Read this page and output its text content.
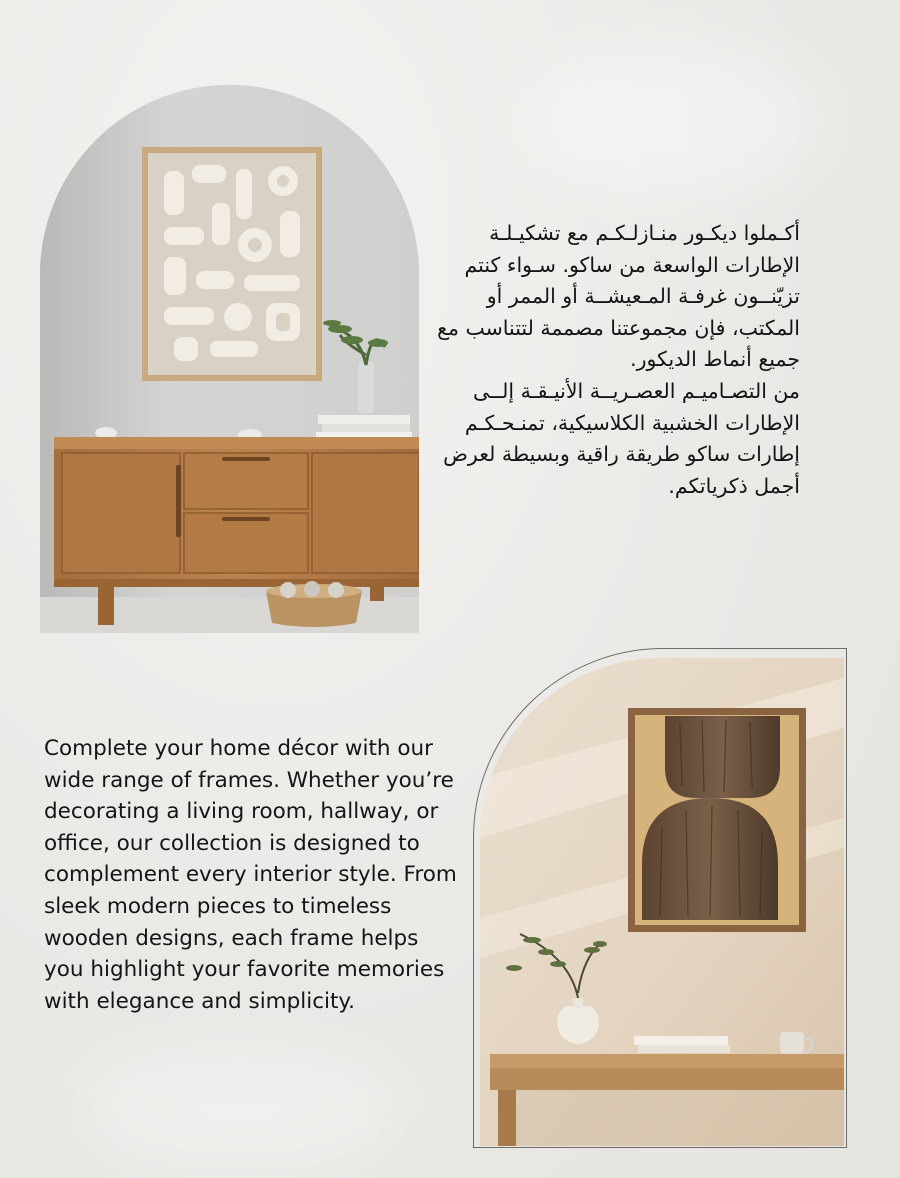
أكـملوا ديكـور منـازلـكـم مع تشكيـلـة الإطارات الواسعة من ساكو. سـواء كنتم تزيّنــون غرفـة المـعيشــة أو الممر أو المكتب، فإن مجموعتنا مصممة لتتناسب مع جميع أنماط الديكور.

من التصـاميـم العصـريــة الأنيـقـة إلــى الإطارات الخشبية الكلاسيكية، تمنـحـكـم إطارات ساكو طريقة راقية وبسيطة لعرض أجمل ذكرياتكم.

Complete your home décor with our wide range of frames. Whether you’re decorating a living room, hallway, or office, our collection is designed to complement every interior style. From sleek modern pieces to timeless wooden designs, each frame helps you highlight your favorite memories with elegance and simplicity.
